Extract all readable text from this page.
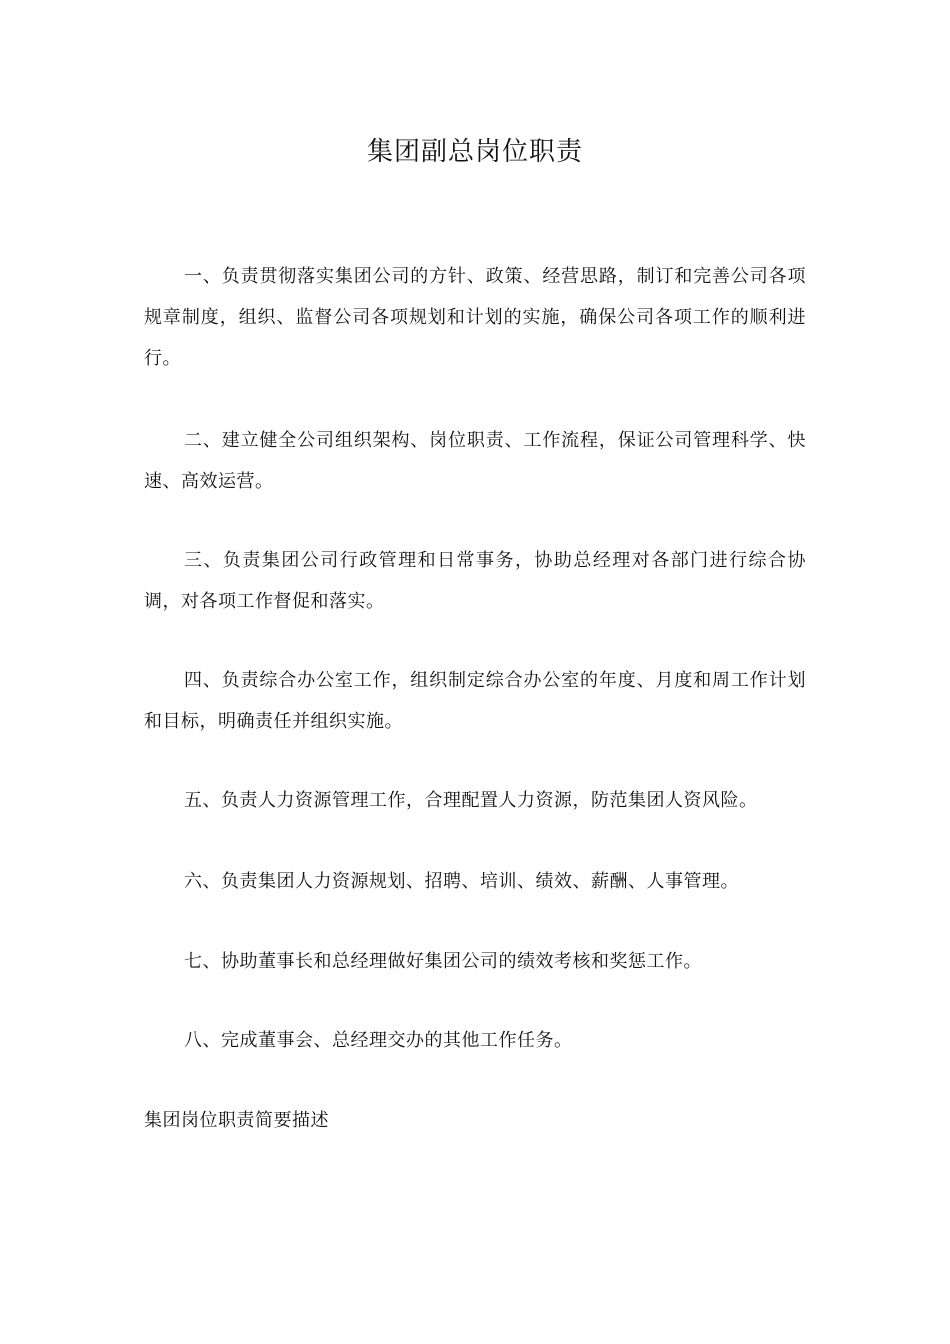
集团副总岗位职责

一、负责贯彻落实集团公司的方针、政策、经营思路，制订和完善公司各项规章制度，组织、监督公司各项规划和计划的实施，确保公司各项工作的顺利进行。

二、建立健全公司组织架构、岗位职责、工作流程，保证公司管理科学、快速、高效运营。

三、负责集团公司行政管理和日常事务，协助总经理对各部门进行综合协调，对各项工作督促和落实。

四、负责综合办公室工作，组织制定综合办公室的年度、月度和周工作计划和目标，明确责任并组织实施。

五、负责人力资源管理工作，合理配置人力资源，防范集团人资风险。

六、负责集团人力资源规划、招聘、培训、绩效、薪酬、人事管理。

七、协助董事长和总经理做好集团公司的绩效考核和奖惩工作。

八、完成董事会、总经理交办的其他工作任务。

集团岗位职责简要描述
